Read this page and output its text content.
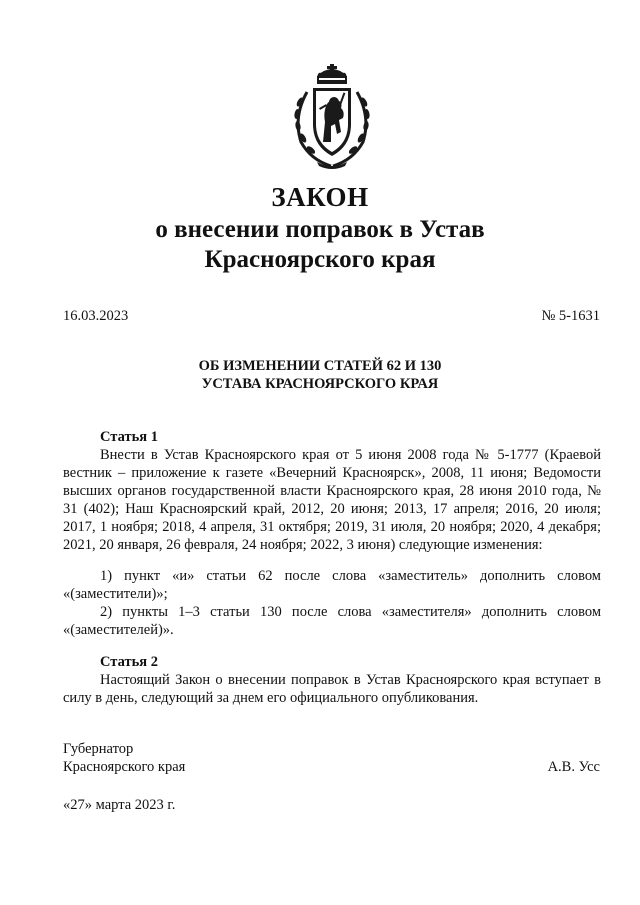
ЗАКОН
о внесении поправок в Устав
Красноярского края
16.03.2023	№ 5-1631
ОБ ИЗМЕНЕНИИ СТАТЕЙ 62 И 130
УСТАВА КРАСНОЯРСКОГО КРАЯ
Статья 1

Внести в Устав Красноярского края от 5 июня 2008 года № 5-1777 (Краевой вестник – приложение к газете «Вечерний Красноярск», 2008, 11 июня; Ведомости высших органов государственной власти Красноярского края, 28 июня 2010 года, № 31 (402); Наш Красноярский край, 2012, 20 июня; 2013, 17 апреля; 2016, 20 июля; 2017, 1 ноября; 2018, 4 апреля, 31 октября; 2019, 31 июля, 20 ноября; 2020, 4 декабря; 2021, 20 января, 26 февраля, 24 ноября; 2022, 3 июня) следующие изменения:

1) пункт «и» статьи 62 после слова «заместитель» дополнить словом «(заместители)»;

2) пункты 1–3 статьи 130 после слова «заместителя» дополнить словом «(заместителей)».

Статья 2

Настоящий Закон о внесении поправок в Устав Красноярского края вступает в силу в день, следующий за днем его официального опубликования.

Губернатор
Красноярского края	А.В. Усс
«27» марта 2023 г.
